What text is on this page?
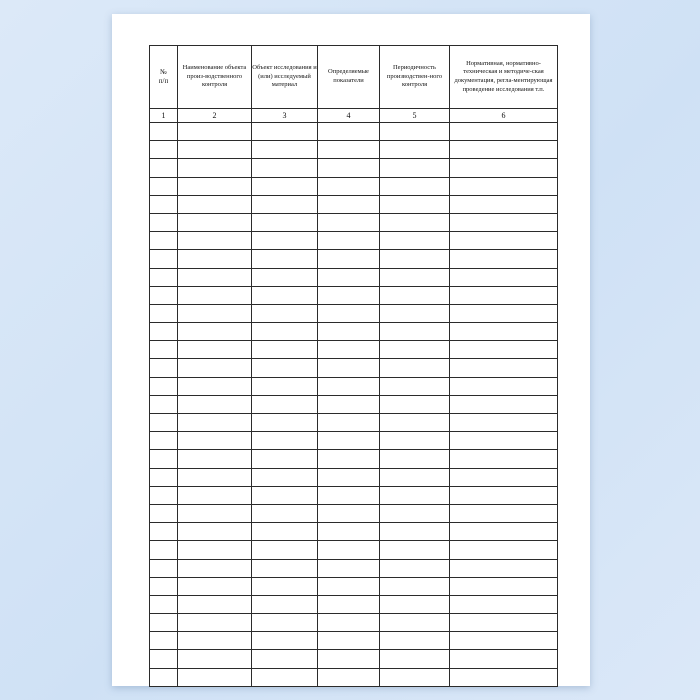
№
п/п	Наименование объекта произ-водственного контроля	Объект исследования и (или) исследуемый материал	Определяемые показатели	Периодичность производствен-ного контроля	Нормативная, нормативно-техническая и методиче-ская документация, регла-ментирующая проведение исследования т.п.
1	2	3	4	5	6
